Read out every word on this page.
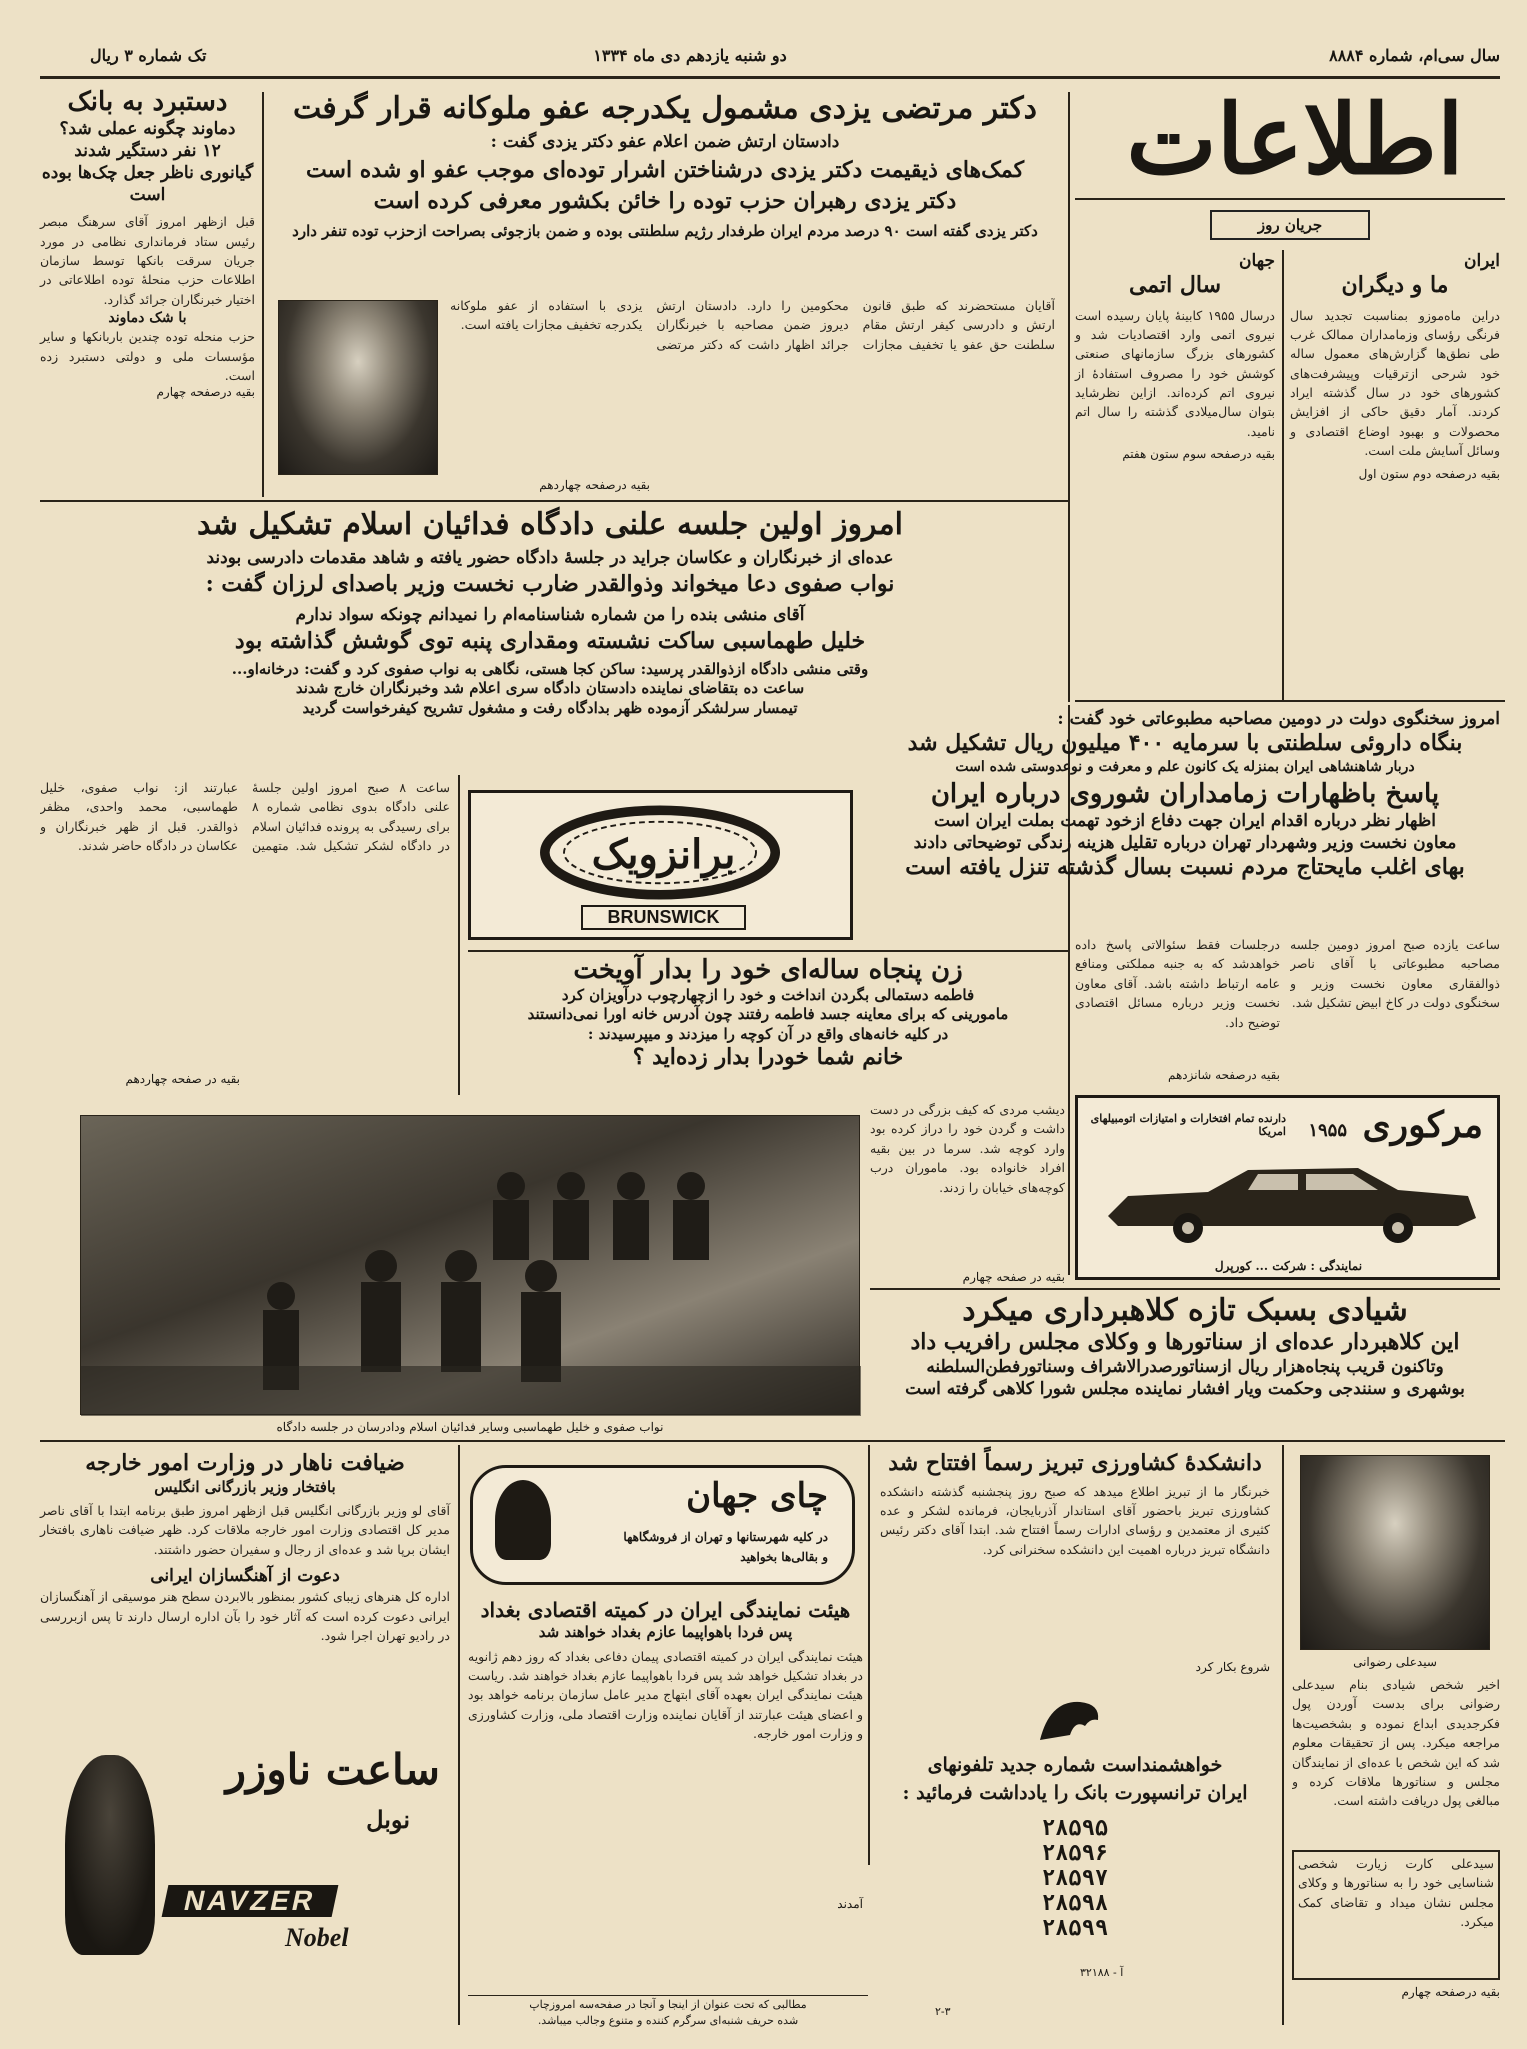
سال سی‌ام، شماره ۸۸۸۴
دو شنبه یازدهم دی ماه ۱۳۳۴
تک شماره ۳ ریال
اطلاعات
جریان روز
ایران
ما و دیگران
دراین ماه‌موزو بمناسبت تجدید سال فرنگی رؤسای وزمامداران ممالک غرب طی نطق‌ها گزارش‌های معمول ساله خود شرحی ازترقیات وپیشرفت‌های کشورهای خود در سال گذشته ایراد کردند. آمار دقیق حاکی از افزایش محصولات و بهبود اوضاع اقتصادی و وسائل آسایش ملت است.
بقیه درصفحه دوم ستون اول
جهان
سال اتمی
درسال ۱۹۵۵ کابینهٔ پایان رسیده است نیروی اتمی وارد اقتصادیات شد و کشورهای بزرگ سازمانهای صنعتی کوشش خود را مصروف استفادهٔ از نیروی اتم کرده‌اند. ازاین نظرشاید بتوان سال‌میلادی گذشته را سال اتم نامید.
بقیه درصفحه سوم ستون هفتم
دکتر مرتضی یزدی مشمول یکدرجه عفو ملوکانه قرار گرفت
دادستان ارتش ضمن اعلام عفو دکتر یزدی گفت :
کمک‌های ذیقیمت دکتر یزدی درشناختن اشرار توده‌ای موجب عفو او شده است
دکتر یزدی رهبران حزب توده را خائن بکشور معرفی کرده است
دکتر یزدی گفته است ۹۰ درصد مردم ایران طرفدار رژیم سلطنتی بوده و ضمن بازجوئی بصراحت ازحزب توده تنفر دارد
آقایان مستحضرند که طبق قانون ارتش و دادرسی کیفر ارتش مقام سلطنت حق عفو یا تخفیف مجازات محکومین را دارد. دادستان ارتش دیروز ضمن مصاحبه با خبرنگاران جرائد اظهار داشت که دکتر مرتضی یزدی با استفاده از عفو ملوکانه یکدرجه تخفیف مجازات یافته است.
بقیه درصفحه چهاردهم
دستبرد به بانک
دماوند چگونه عملی شد؟
۱۲ نفر دستگیر شدند
گیانوری ناظر جعل چک‌ها بوده است
قبل ازظهر امروز آقای سرهنگ مبصر رئیس ستاد فرمانداری نظامی در مورد جریان سرقت بانکها توسط سازمان اطلاعات حزب منحلهٔ توده اطلاعاتی در اختیار خبرنگاران جرائد گذارد.
با شک دماوند
حزب منحله توده چندین باربانکها و سایر مؤسسات ملی و دولتی دستبرد زده است.
بقیه درصفحه چهارم
امروز اولین جلسه علنی دادگاه فدائیان اسلام تشکیل شد
عده‌ای از خبرنگاران و عکاسان جراید در جلسهٔ دادگاه حضور یافته و شاهد مقدمات دادرسی بودند
نواب صفوی دعا میخواند وذوالقدر ضارب نخست وزیر باصدای لرزان گفت :
آقای منشی بنده را من شماره شناسنامه‌ام را نمیدانم چونکه سواد ندارم
خلیل طهماسبی ساکت نشسته ومقداری پنبه توی گوشش گذاشته بود
وقتی منشی دادگاه ازذوالقدر پرسید: ساکن کجا هستی، نگاهی به نواب صفوی کرد و گفت: درخانه‌او...
ساعت ده بتقاضای نماینده دادستان دادگاه سری اعلام شد وخبرنگاران خارج شدند
تیمسار سرلشکر آزموده ظهر بدادگاه رفت و مشغول تشریح کیفرخواست گردید
ساعت ۸ صبح امروز اولین جلسهٔ علنی دادگاه بدوی نظامی شماره ۸ برای رسیدگی به پرونده فدائیان اسلام در دادگاه لشکر تشکیل شد. متهمین عبارتند از: نواب صفوی، خلیل طهماسبی، محمد واحدی، مظفر ذوالقدر. قبل از ظهر خبرنگاران و عکاسان در دادگاه حاضر شدند.
بقیه در صفحه چهاردهم
برانزویک
BRUNSWICK
زن پنجاه ساله‌ای خود را بدار آویخت
فاطمه دستمالی بگردن انداخت و خود را ازچهارچوب درآویزان کرد
مامورینی که برای معاینه جسد فاطمه رفتند چون آدرس خانه اورا نمی‌دانستند
در کلیه خانه‌های واقع در آن کوچه را میزدند و میپرسیدند :
خانم شما خودرا بدار زده‌اید ؟
دیشب مردی که کیف بزرگی در دست داشت و گردن خود را دراز کرده بود وارد کوچه شد. سرما در بین بقیه افراد خانواده بود. ماموران درب کوچه‌های خیابان را زدند.
بقیه در صفحه چهارم
امروز سخنگوی دولت در دومین مصاحبه مطبوعاتی خود گفت :
بنگاه داروئی سلطنتی با سرمایه ۴۰۰ میلیون ریال تشکیل شد
دربار شاهنشاهی ایران بمنزله یک کانون علم و معرفت و نوعدوستی شده است
پاسخ باظهارات زمامداران شوروی درباره ایران
اظهار نظر درباره اقدام ایران جهت دفاع ازخود تهمت بملت ایران است
معاون نخست وزیر وشهردار تهران درباره تقلیل هزینه زندگی توضیحاتی دادند
بهای اغلب مایحتاج مردم نسبت بسال گذشته تنزل یافته است
ساعت یازده صبح امروز دومین جلسه مصاحبه مطبوعاتی با آقای ناصر ذوالفقاری معاون نخست وزیر و سخنگوی دولت در کاخ ابیض تشکیل شد.
درجلسات فقط سئوالاتی پاسخ داده خواهدشد که به جنبه مملکتی ومنافع عامه ارتباط داشته باشد. آقای معاون نخست وزیر درباره مسائل اقتصادی توضیح داد.
بقیه درصفحه شانزدهم
مرکوری
۱۹۵۵
دارنده تمام افتخارات و امتیازات اتومبیلهای امریکا
نمایندگی : شرکت ... کورپرل
نواب صفوی و خلیل طهماسبی وسایر فدائیان اسلام ودادرسان در جلسه دادگاه
شیادی بسبک تازه کلاهبرداری میکرد
این کلاهبردار عده‌ای از سناتورها و وکلای مجلس رافریب داد
وتاکنون قریب پنجاه‌هزار ریال ازسناتورصدرالاشراف وسناتورفطن‌السلطنه
بوشهری و سنندجی وحکمت ویار افشار نماینده مجلس شورا کلاهی گرفته است
ضیافت ناهار در وزارت امور خارجه
بافتخار وزیر بازرگانی انگلیس
آقای لو وزیر بازرگانی انگلیس قبل ازظهر امروز طبق برنامه ابتدا با آقای ناصر مدیر کل اقتصادی وزارت امور خارجه ملاقات کرد. ظهر ضیافت ناهاری بافتخار ایشان برپا شد و عده‌ای از رجال و سفیران حضور داشتند.
دعوت از آهنگسازان ایرانی
اداره کل هنرهای زیبای کشور بمنظور بالابردن سطح هنر موسیقی از آهنگسازان ایرانی دعوت کرده است که آثار خود را بآن اداره ارسال دارند تا پس ازبررسی در رادیو تهران اجرا شود.
چای جهان
در کلیه شهرستانها و تهران از فروشگاهها
و بقالی‌ها بخواهید
هیئت نمایندگی ایران در کمیته اقتصادی بغداد
پس فردا باهواپیما عازم بغداد خواهند شد
هیئت نمایندگی ایران در کمیته اقتصادی پیمان دفاعی بغداد که روز دهم ژانویه در بغداد تشکیل خواهد شد پس فردا باهواپیما عازم بغداد خواهند شد. ریاست هیئت نمایندگی ایران بعهده آقای ابتهاج مدیر عامل سازمان برنامه خواهد بود و اعضای هیئت عبارتند از آقایان نماینده وزارت اقتصاد ملی، وزارت کشاورزی و وزارت امور خارجه.
آمدند
ساعت ناوزر
نوبل
NAVZER
Nobel
دانشکدهٔ کشاورزی تبریز رسماً افتتاح شد
خبرنگار ما از تبریز اطلاع میدهد که صبح روز پنجشنبه گذشته دانشکده کشاورزی تبریز باحضور آقای استاندار آذربایجان، فرمانده لشکر و عده کثیری از معتمدین و رؤسای ادارات رسماً افتتاح شد. ابتدا آقای دکتر رئیس دانشگاه تبریز درباره اهمیت این دانشکده سخنرانی کرد.
شروع بکار کرد	سیدعلی رضوانی
اخیر شخص شیادی بنام سیدعلی رضوانی برای بدست آوردن پول فکرجدیدی ابداع نموده و بشخصیت‌ها مراجعه میکرد. پس از تحقیقات معلوم شد که این شخص با عده‌ای از نمایندگان مجلس و سناتورها ملاقات کرده و مبالغی پول دریافت داشته است.
سیدعلی کارت زیارت شخصی شناسایی خود را به سناتورها و وکلای مجلس نشان میداد و تقاضای کمک میکرد.
بقیه درصفحه چهارم
خواهشمنداست شماره جدید تلفونهای
ایران ترانسپورت بانک را یادداشت فرمائید :
۲۸۵۹۵
۲۸۵۹۶
۲۸۵۹۷
۲۸۵۹۸
۲۸۵۹۹
آ - ۳۲۱۸۸
مطالبی که تحت عنوان از اینجا و آنجا در صفحه‌سه امروزچاپ
شده حریف شنبه‌ای سرگرم کننده و متنوع وجالب میباشد.
۲-۳
